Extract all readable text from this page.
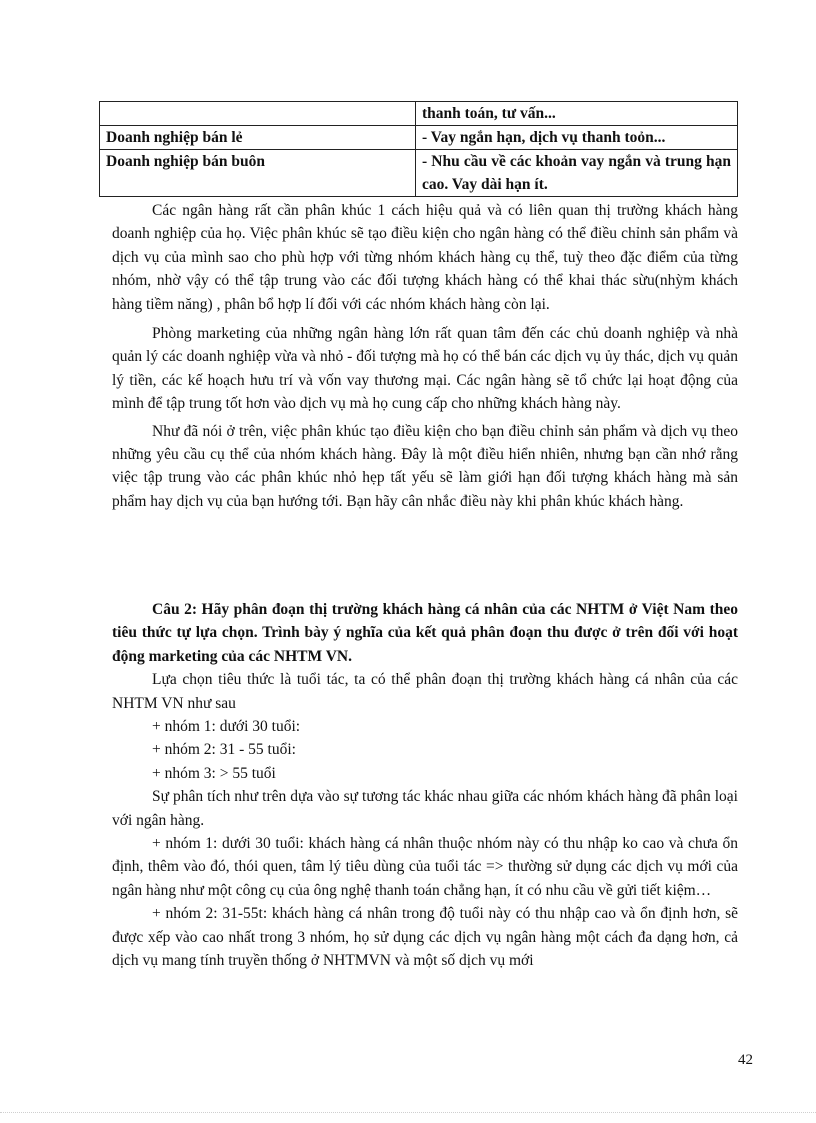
	thanh toán, tư vấn...
Doanh nghiệp bán lẻ	- Vay ngắn hạn, dịch vụ thanh toỏn...
Doanh nghiệp bán buôn	- Nhu cầu về các khoản vay ngắn và trung hạn cao. Vay dài hạn ít.

Các ngân hàng rất cần phân khúc 1 cách hiệu quả và có liên quan thị trường khách hàng doanh nghiệp của họ. Việc phân khúc sẽ tạo điều kiện cho ngân hàng có thể điều chỉnh sản phẩm và dịch vụ của mình sao cho phù hợp với từng nhóm khách hàng cụ thể, tuỳ theo đặc điểm của từng nhóm, nhờ vậy có thể tập trung vào các đối tượng khách hàng có thể khai thác sừu(nhỳm khách hàng tiềm năng) , phân bổ hợp lí đối với các nhóm khách hàng còn lại.

Phòng marketing của những ngân hàng lớn rất quan tâm đến các chủ doanh nghiệp và nhà quản lý các doanh nghiệp vừa và nhỏ - đối tượng mà họ có thể bán các dịch vụ ủy thác, dịch vụ quản lý tiền, các kế hoạch hưu trí và vốn vay thương mại. Các ngân hàng sẽ tổ chức lại hoạt động của mình để tập trung tốt hơn vào dịch vụ mà họ cung cấp cho những khách hàng này.

Như đã nói ở trên, việc phân khúc tạo điều kiện cho bạn điều chỉnh sản phẩm và dịch vụ theo những yêu cầu cụ thể của nhóm khách hàng. Đây là một điều hiển nhiên, nhưng bạn cần nhớ rằng việc tập trung vào các phân khúc nhỏ hẹp tất yếu sẽ làm giới hạn đối tượng khách hàng mà sản phẩm hay dịch vụ của bạn hướng tới. Bạn hãy cân nhắc điều này khi phân khúc khách hàng.

Câu 2: Hãy phân đoạn thị trường khách hàng cá nhân của các NHTM ở Việt Nam theo tiêu thức tự lựa chọn. Trình bày ý nghĩa của kết quả phân đoạn thu được ở trên đối với hoạt động marketing của các NHTM VN.

Lựa chọn tiêu thức là tuổi tác, ta có thể phân đoạn thị trường khách hàng cá nhân của các NHTM VN như sau

+ nhóm 1: dưới 30 tuổi:
+ nhóm 2: 31 - 55 tuổi:
+ nhóm 3: > 55 tuổi

Sự phân tích như trên dựa vào sự tương tác khác nhau giữa các nhóm khách hàng đã phân loại với ngân hàng.

+ nhóm 1: dưới 30 tuổi: khách hàng cá nhân thuộc nhóm này có thu nhập ko cao và chưa ổn định, thêm vào đó, thói quen, tâm lý tiêu dùng của tuổi tác => thường sử dụng các dịch vụ mới của ngân hàng như một công cụ của ông nghệ thanh toán chẳng hạn, ít có nhu cầu về gửi tiết kiệm…

+ nhóm 2: 31-55t: khách hàng cá nhân trong độ tuổi này có thu nhập cao và ổn định hơn, sẽ được xếp vào cao nhất trong 3 nhóm, họ sử dụng các dịch vụ ngân hàng một cách đa dạng hơn, cả dịch vụ mang tính truyền thống ở NHTMVN và một số dịch vụ mới

42
